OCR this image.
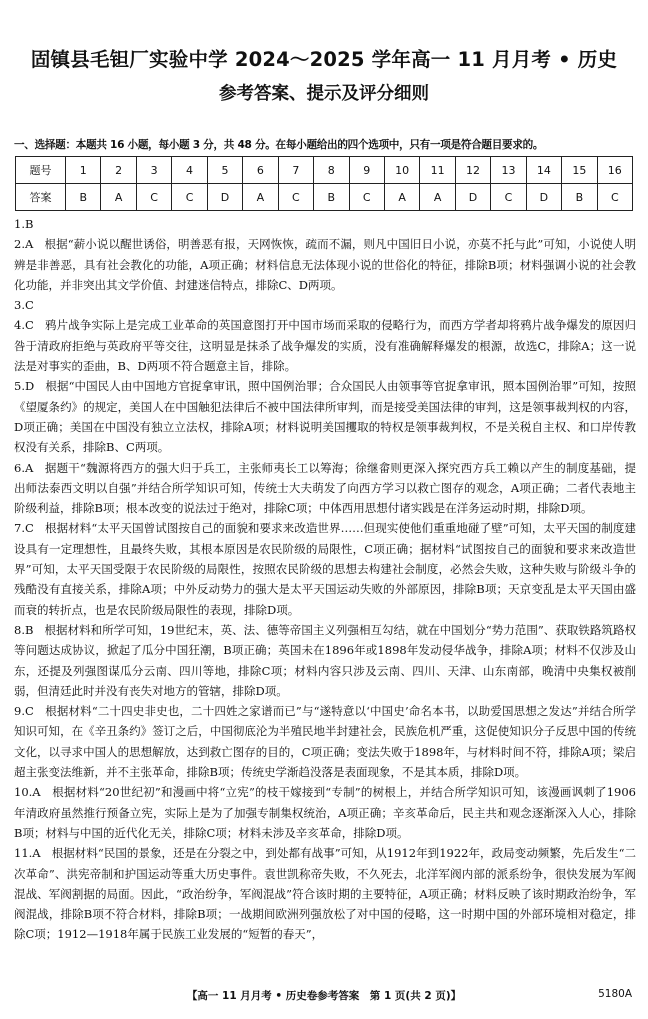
固镇县毛钽厂实验中学 2024～2025 学年高一 11 月月考 • 历史
参考答案、提示及评分细则
一、选择题：本题共 16 小题，每小题 3 分，共 48 分。在每小题给出的四个选项中，只有一项是符合题目要求的。
题号	1	2	3	4	5	6	7	8	9	10	11	12	13	14	15	16
答案	B	A	C	C	D	A	C	B	C	A	A	D	C	D	B	C
1.B
2.A 根据“薪小说以醒世诱俗，明善恶有报，天网恢恢，疏而不漏，则凡中国旧日小说，亦莫不托与此”可知，小说使人明辨是非善恶，具有社会教化的功能，A项正确；材料信息无法体现小说的世俗化的特征，排除B项；材料强调小说的社会教化功能，并非突出其文学价值、封建迷信特点，排除C、D两项。
3.C
4.C 鸦片战争实际上是完成工业革命的英国意图打开中国市场而采取的侵略行为，而西方学者却将鸦片战争爆发的原因归咎于清政府拒绝与英政府平等交往，这明显是抹杀了战争爆发的实质，没有准确解释爆发的根源，故选C，排除A；这一说法是对事实的歪曲，B、D两项不符合题意主旨，排除。
5.D 根据“中国民人由中国地方官捉拿审讯，照中国例治罪；合众国民人由领事等官捉拿审讯，照本国例治罪”可知，按照《望厦条约》的规定，美国人在中国触犯法律后不被中国法律所审判，而是接受美国法律的审判，这是领事裁判权的内容，D项正确；美国在中国没有独立立法权，排除A项；材料说明美国攫取的特权是领事裁判权，不是关税自主权、和口岸传教权没有关系，排除B、C两项。
6.A 据题干“魏源将西方的强大归于兵工，主张师夷长工以筹海；徐继畲则更深入探究西方兵工赖以产生的制度基础，提出师法泰西文明以自强”并结合所学知识可知，传统士大夫萌发了向西方学习以救亡图存的观念，A项正确；二者代表地主阶级利益，排除B项；根本改变的说法过于绝对，排除C项；中体西用思想付诸实践是在洋务运动时期，排除D项。
7.C 根据材料“太平天国曾试图按自己的面貌和要求来改造世界……但现实使他们重重地碰了壁”可知，太平天国的制度建设具有一定理想性，且最终失败，其根本原因是农民阶级的局限性，C项正确；据材料“试图按自己的面貌和要求来改造世界”可知，太平天国受限于农民阶级的局限性，按照农民阶级的思想去构建社会制度，必然会失败，这种失败与阶级斗争的残酷没有直接关系，排除A项；中外反动势力的强大是太平天国运动失败的外部原因，排除B项；天京变乱是太平天国由盛而衰的转折点，也是农民阶级局限性的表现，排除D项。
8.B 根据材料和所学可知，19世纪末，英、法、德等帝国主义列强相互勾结，就在中国划分“势力范围”、获取铁路筑路权等问题达成协议，掀起了瓜分中国狂潮，B项正确；英国未在1896年或1898年发动侵华战争，排除A项；材料不仅涉及山东，还提及列强图谋瓜分云南、四川等地，排除C项；材料内容只涉及云南、四川、天津、山东南部，晚清中央集权被削弱，但清廷此时并没有丧失对地方的管辖，排除D项。
9.C 根据材料“二十四史非史也，二十四姓之家谱而已”与“遂特意以‘中国史’命名本书，以助爱国思想之发达”并结合所学知识可知，在《辛丑条约》签订之后，中国彻底沦为半殖民地半封建社会，民族危机严重，这促使知识分子反思中国的传统文化，以寻求中国人的思想解放，达到救亡图存的目的，C项正确；变法失败于1898年，与材料时间不符，排除A项；梁启超主张变法维新，并不主张革命，排除B项；传统史学渐趋没落是表面现象，不是其本质，排除D项。
10.A 根据材料“20世纪初”和漫画中将“立宪”的枝干嫁接到“专制”的树根上，并结合所学知识可知，该漫画讽刺了1906年清政府虽然推行预备立宪，实际上是为了加强专制集权统治，A项正确；辛亥革命后，民主共和观念逐渐深入人心，排除B项；材料与中国的近代化无关，排除C项；材料未涉及辛亥革命，排除D项。
11.A 根据材料“民国的景象，还是在分裂之中，到处都有战事”可知，从1912年到1922年，政局变动频繁，先后发生“二次革命”、洪宪帝制和护国运动等重大历史事件。袁世凯称帝失败，不久死去，北洋军阀内部的派系纷争，很快发展为军阀混战、军阀割据的局面。因此，“政治纷争，军阀混战”符合该时期的主要特征，A项正确；材料反映了该时期政治纷争，军阀混战，排除B项不符合材料，排除B项；一战期间欧洲列强放松了对中国的侵略，这一时期中国的外部环境相对稳定，排除C项；1912—1918年属于民族工业发展的“短暂的春天”，
【高一 11 月月考 • 历史卷参考答案　第 1 页(共 2 页)】	5180A
